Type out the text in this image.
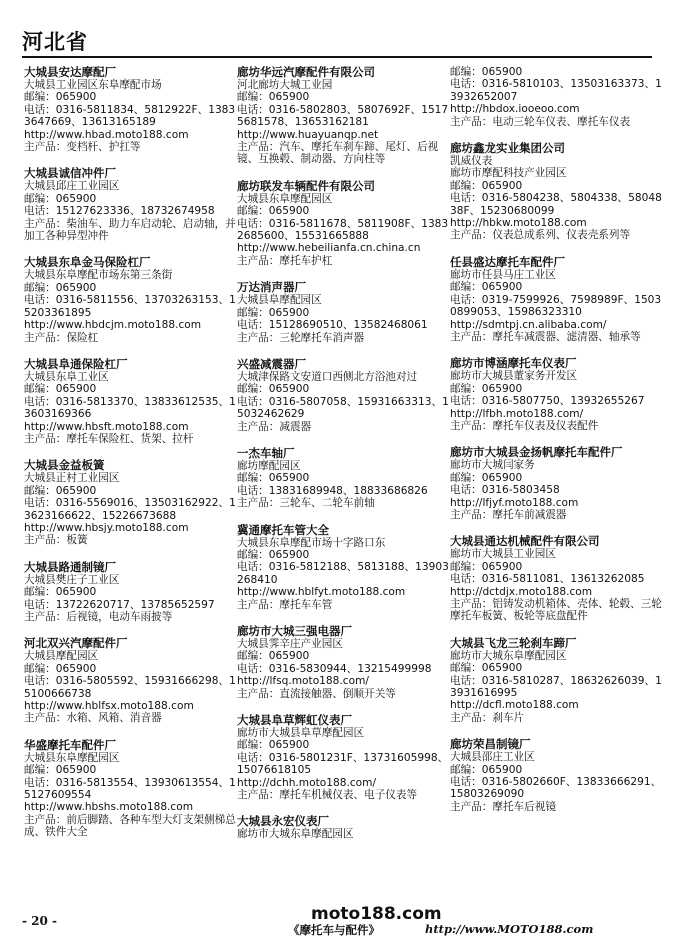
河北省
大城县安达摩配厂
大城县工业园区东阜摩配市场
邮编：065900
电话：0316-5811834、5812922F、13833647669、13613165189
http://www.hbad.moto188.com
主产品：变档杆、护扛等
大城县诚信冲件厂
大城县邱庄工业园区
邮编：065900
电话：15127623336、18732674958
主产品：柴油车、助力车启动轮、启动轴，并加工各种异型冲件
大城县东阜金马保险杠厂
大城县东阜摩配市场东第三条街
邮编：065900
电话：0316-5811556、13703263153、15203361895
http://www.hbdcjm.moto188.com
主产品：保险杠
大城县阜通保险杠厂
大城县东阜工业区
邮编：065900
电话：0316-5813370、13833612535、13603169366
http://www.hbsft.moto188.com
主产品：摩托车保险杠、货架、拉杆
大城县金益板簧
大城县正村工业园区
邮编：065900
电话：0316-5569016、13503162922、13623166622、15226673688
http://www.hbsjy.moto188.com
主产品：板簧
大城县路通制镜厂
大城县樊庄子工业区
邮编：065900
电话：13722620717、13785652597
主产品：后视镜，电动车雨披等
河北双兴汽摩配件厂
大城县摩配园区
邮编：065900
电话：0316-5805592、15931666298、15100666738
http://www.hblfsx.moto188.com
主产品：水箱、风箱、消音器
华盛摩托车配件厂
大城县东阜摩配园区
邮编：065900
电话：0316-5813554、13930613554、15127609554
http://www.hbshs.moto188.com
主产品：前后脚踏、各种车型大灯支架侧梯总成、铁件大全
廊坊华远汽摩配件有限公司
河北廊坊大城工业园
邮编：065900
电话：0316-5802803、5807692F、15175681578、13653162181
http://www.huayuanqp.net
主产品：汽车、摩托车刹车蹄、尾灯、后视镜、互换毂、制动器、方向柱等
廊坊联发车辆配件有限公司
大城县东阜摩配园区
邮编：065900
电话：0316-5811678、5811908F、13832685600、15531665888
http://www.hebeilianfa.cn.china.cn
主产品：摩托车护杠
万达消声器厂
大城县阜摩配园区
邮编：065900
电话：15128690510、13582468061
主产品：三轮摩托车消声器
兴盛减震器厂
大城津保路文安道口西侧北方浴池对过
邮编：065900
电话：0316-5807058、15931663313、15032462629
主产品：减震器
一杰车轴厂
廊坊摩配园区
邮编：065900
电话：13831689948、18833686826
主产品：三轮车、二轮车前轴
冀通摩托车管大全
大城县东阜摩配市场十字路口东
邮编：065900
电话：0316-5812188、5813188、13903268410
http://www.hblfyt.moto188.com
主产品：摩托车车管
廊坊市大城三强电器厂
大城县霁辛庄产业园区
邮编：065900
电话：0316-5830944、13215499998
http://lfsq.moto188.com/
主产品：直流接触器、倒顺开关等
大城县阜草辉虹仪表厂
廊坊市大城县阜草摩配园区
邮编：065900
电话：0316-5801231F、13731605998、15076618105
http://dchh.moto188.com/
主产品：摩托车机械仪表、电子仪表等
大城县永宏仪表厂
廊坊市大城东阜摩配园区
邮编：065900
电话：0316-5810103、13503163373、13932652007
http://hbdox.iooeoo.com
主产品：电动三轮车仪表、摩托车仪表
廊坊鑫龙实业集团公司
凯威仪表
廊坊市摩配科技产业园区
邮编：065900
电话：0316-5804238、5804338、5804838F、15230680099
http://hbkw.moto188.com
主产品：仪表总成系列、仪表壳系列等
任县盛达摩托车配件厂
廊坊市任县马庄工业区
邮编：065900
电话：0319-7599926、7598989F、15030899053、15986323310
http://sdmtpj.cn.alibaba.com/
主产品：摩托车减震器、滤清器、轴承等
廊坊市博涵摩托车仪表厂
廊坊市大城县董家务开发区
邮编：065900
电话：0316-5807750、13932655267
http://lfbh.moto188.com/
主产品：摩托车仪表及仪表配件
廊坊市大城县金扬帆摩托车配件厂
廊坊市大城闫家务
邮编：065900
电话：0316-5803458
http://lfjyf.moto188.com
主产品：摩托车前减震器
大城县通达机械配件有限公司
廊坊市大城县工业园区
邮编：065900
电话：0316-5811081、13613262085
http://dctdjx.moto188.com
主产品：铝铸发动机箱体、壳体、轮毂、三轮摩托车板簧、板轮等底盘配件
大城县飞龙三轮刹车蹄厂
廊坊市大城东阜摩配园区
邮编：065900
电话：0316-5810287、18632626039、13931616995
http://dcfl.moto188.com
主产品：刹车片
廊坊荣昌制镜厂
大城县邵庄工业区
邮编：065900
电话：0316-5802660F、13833666291、15803269090
主产品：摩托车后视镜
- 20 -	moto188.com
《摩托车与配件》	http://www.MOTO188.com
